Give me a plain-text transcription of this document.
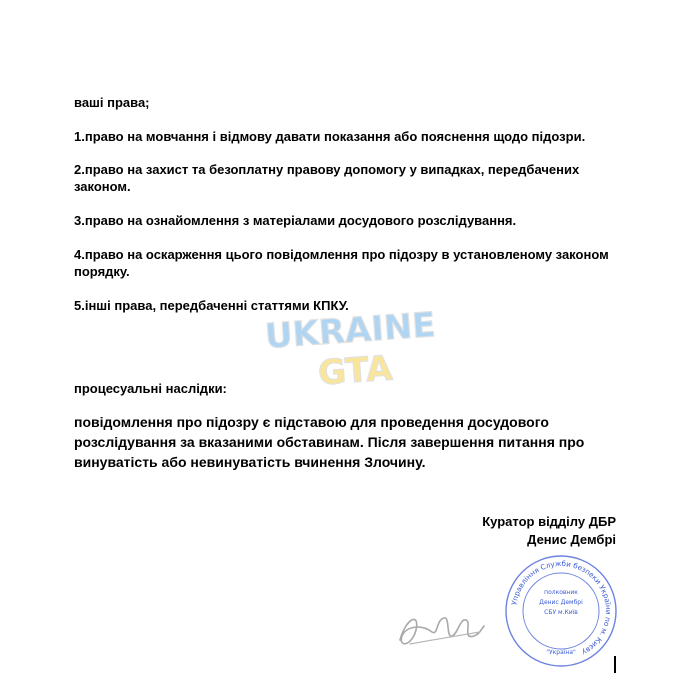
ваші права;

1.право на мовчання і відмову давати показання або пояснення щодо підозри.

2.право на захист та безоплатну правову допомогу у випадках, передбачених законом.

3.право на ознайомлення з матеріалами досудового розслідування.

4.право на оскарження цього повідомлення про підозру в установленому законом порядку.

5.інші права, передбаченні статтями КПКУ.

UKRAINE
GTA

процесуальні наслідки:

повідомлення про підозру є підставою для проведення досудового розслідування за вказаними обставинам. Після завершення питання про винуватість або невинуватість вчинення Злочину.

Куратор відділу ДБР
Денис Дембрі
Управління Служби безпеки України по м. Києву
полковник
Денис Дембрі
СБУ м.Київ
"Україна"
